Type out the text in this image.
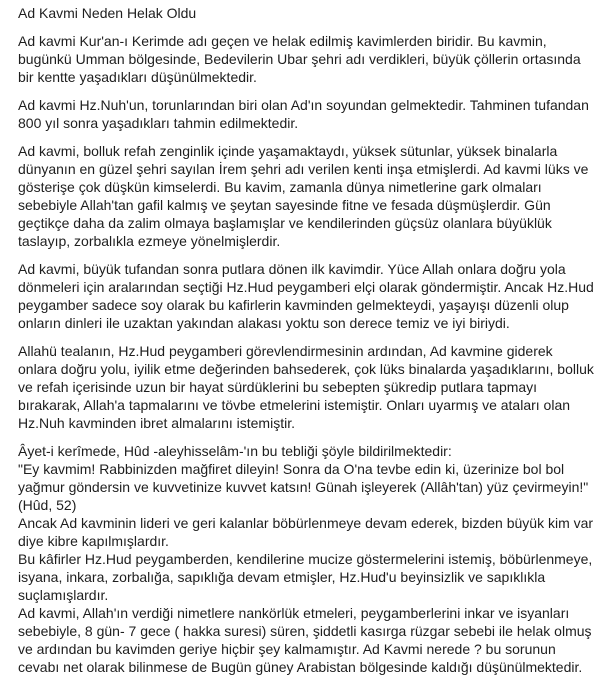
Ad Kavmi Neden Helak Oldu

Ad kavmi Kur'an-ı Kerimde adı geçen ve helak edilmiş kavimlerden biridir. Bu kavmin, bugünkü Umman bölgesinde, Bedevilerin Ubar şehri adı verdikleri, büyük çöllerin ortasında bir kentte yaşadıkları düşünülmektedir.

Ad kavmi Hz.Nuh'un, torunlarından biri olan Ad'ın soyundan gelmektedir. Tahminen tufandan 800 yıl sonra yaşadıkları tahmin edilmektedir.

Ad kavmi, bolluk refah zenginlik içinde yaşamaktaydı, yüksek sütunlar, yüksek binalarla dünyanın en güzel şehri sayılan İrem şehri adı verilen kenti inşa etmişlerdi. Ad kavmi lüks ve gösterişe çok düşkün kimselerdi. Bu kavim, zamanla dünya nimetlerine gark olmaları sebebiyle Allah'tan gafil kalmış ve şeytan sayesinde fitne ve fesada düşmüşlerdir. Gün geçtikçe daha da zalim olmaya başlamışlar ve kendilerinden güçsüz olanlara büyüklük taslayıp, zorbalıkla ezmeye yönelmişlerdir.

Ad kavmi, büyük tufandan sonra putlara dönen ilk kavimdir. Yüce Allah onlara doğru yola dönmeleri için aralarından seçtiği Hz.Hud peygamberi elçi olarak göndermiştir. Ancak Hz.Hud peygamber sadece soy olarak bu kafirlerin kavminden gelmekteydi, yaşayışı düzenli olup onların dinleri ile uzaktan yakından alakası yoktu son derece temiz ve iyi biriydi.

Allahü tealanın, Hz.Hud peygamberi görevlendirmesinin ardından, Ad kavmine giderek onlara doğru yolu, iyilik etme değerinden bahsederek, çok lüks binalarda yaşadıklarını, bolluk ve refah içerisinde uzun bir hayat sürdüklerini bu sebepten şükredip putlara tapmayı bırakarak, Allah'a tapmalarını ve tövbe etmelerini istemiştir. Onları uyarmış ve ataları olan Hz.Nuh kavminden ibret almalarını istemiştir.

Âyet-i kerîmede, Hûd -aleyhisselâm-'ın bu tebliği şöyle bildirilmektedir:

"Ey kavmim! Rabbinizden mağfiret dileyin! Sonra da O'na tevbe edin ki, üzerinize bol bol yağmur göndersin ve kuvvetinize kuvvet katsın! Günah işleyerek (Allâh'tan) yüz çevirmeyin!" (Hûd, 52)

Ancak Ad kavminin lideri ve geri kalanlar böbürlenmeye devam ederek, bizden büyük kim var diye kibre kapılmışlardır.

Bu kâfirler Hz.Hud peygamberden, kendilerine mucize göstermelerini istemiş, böbürlenmeye, isyana, inkara, zorbalığa, sapıklığa devam etmişler, Hz.Hud'u beyinsizlik ve sapıklıkla suçlamışlardır.

Ad kavmi, Allah'ın verdiği nimetlere nankörlük etmeleri, peygamberlerini inkar ve isyanları sebebiyle, 8 gün- 7 gece ( hakka suresi) süren, şiddetli kasırga rüzgar sebebi ile helak olmuş ve ardından bu kavimden geriye hiçbir şey kalmamıştır. Ad Kavmi nerede ? bu sorunun cevabı net olarak bilinmese de Bugün güney Arabistan bölgesinde kaldığı düşünülmektedir.
